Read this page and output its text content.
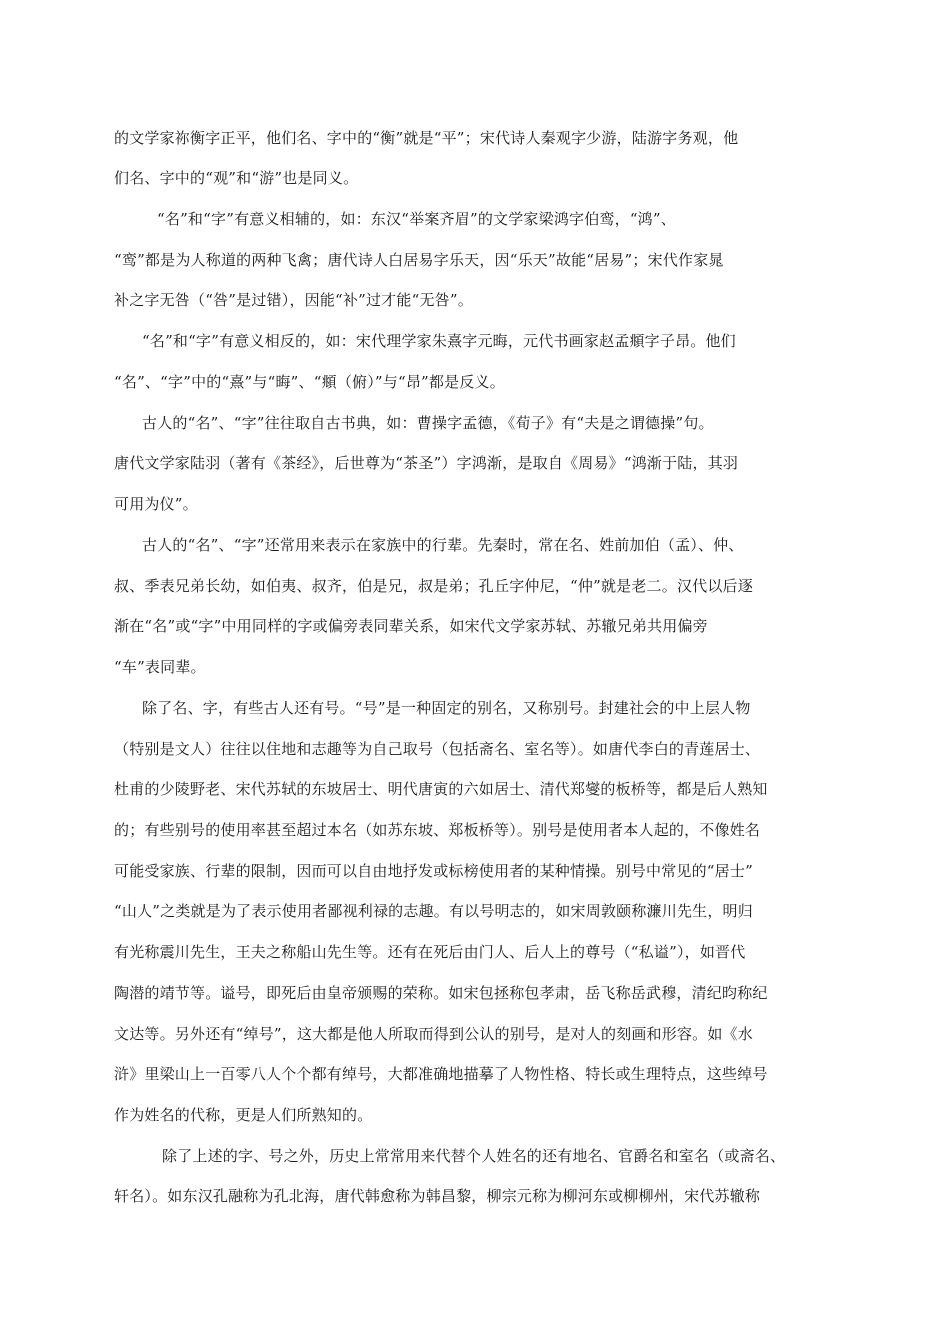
的文学家祢衡字正平，他们名、字中的“衡”就是“平”；宋代诗人秦观字少游，陆游字务观，他
们名、字中的“观”和“游”也是同义。
“名”和“字”有意义相辅的，如：东汉“举案齐眉”的文学家梁鸿字伯鸾，“鸿”、
“鸾”都是为人称道的两种飞禽；唐代诗人白居易字乐天，因“乐天”故能“居易”；宋代作家晁
补之字无咎（“咎”是过错），因能“补”过才能“无咎”。
“名”和“字”有意义相反的，如：宋代理学家朱熹字元晦，元代书画家赵孟頫字子昂。他们
“名”、“字”中的“熹”与“晦”、“頫（俯）”与“昂”都是反义。
古人的“名”、“字”往往取自古书典，如：曹操字孟德，《荀子》有“夫是之谓德操”句。
唐代文学家陆羽（著有《茶经》，后世尊为“茶圣”）字鸿渐，是取自《周易》“鸿渐于陆，其羽
可用为仪”。
古人的“名”、“字”还常用来表示在家族中的行辈。先秦时，常在名、姓前加伯（孟）、仲、
叔、季表兄弟长幼，如伯夷、叔齐，伯是兄，叔是弟；孔丘字仲尼，“仲”就是老二。汉代以后逐
渐在“名”或“字”中用同样的字或偏旁表同辈关系，如宋代文学家苏轼、苏辙兄弟共用偏旁
“车”表同辈。
除了名、字，有些古人还有号。“号”是一种固定的别名，又称别号。封建社会的中上层人物
（特别是文人）往往以住地和志趣等为自己取号（包括斋名、室名等）。如唐代李白的青莲居士、
杜甫的少陵野老、宋代苏轼的东坡居士、明代唐寅的六如居士、清代郑燮的板桥等，都是后人熟知
的；有些别号的使用率甚至超过本名（如苏东坡、郑板桥等）。别号是使用者本人起的，不像姓名
可能受家族、行辈的限制，因而可以自由地抒发或标榜使用者的某种情操。别号中常见的“居士”
“山人”之类就是为了表示使用者鄙视利禄的志趣。有以号明志的，如宋周敦颐称濂川先生，明归
有光称震川先生，王夫之称船山先生等。还有在死后由门人、后人上的尊号（“私谥”），如晋代
陶潜的靖节等。谥号，即死后由皇帝颁赐的荣称。如宋包拯称包孝肃，岳飞称岳武穆，清纪昀称纪
文达等。另外还有“绰号”，这大都是他人所取而得到公认的别号，是对人的刻画和形容。如《水
浒》里梁山上一百零八人个个都有绰号，大都准确地描摹了人物性格、特长或生理特点，这些绰号
作为姓名的代称，更是人们所熟知的。
除了上述的字、号之外，历史上常常用来代替个人姓名的还有地名、官爵名和室名（或斋名、
轩名）。如东汉孔融称为孔北海，唐代韩愈称为韩昌黎，柳宗元称为柳河东或柳柳州，宋代苏辙称
